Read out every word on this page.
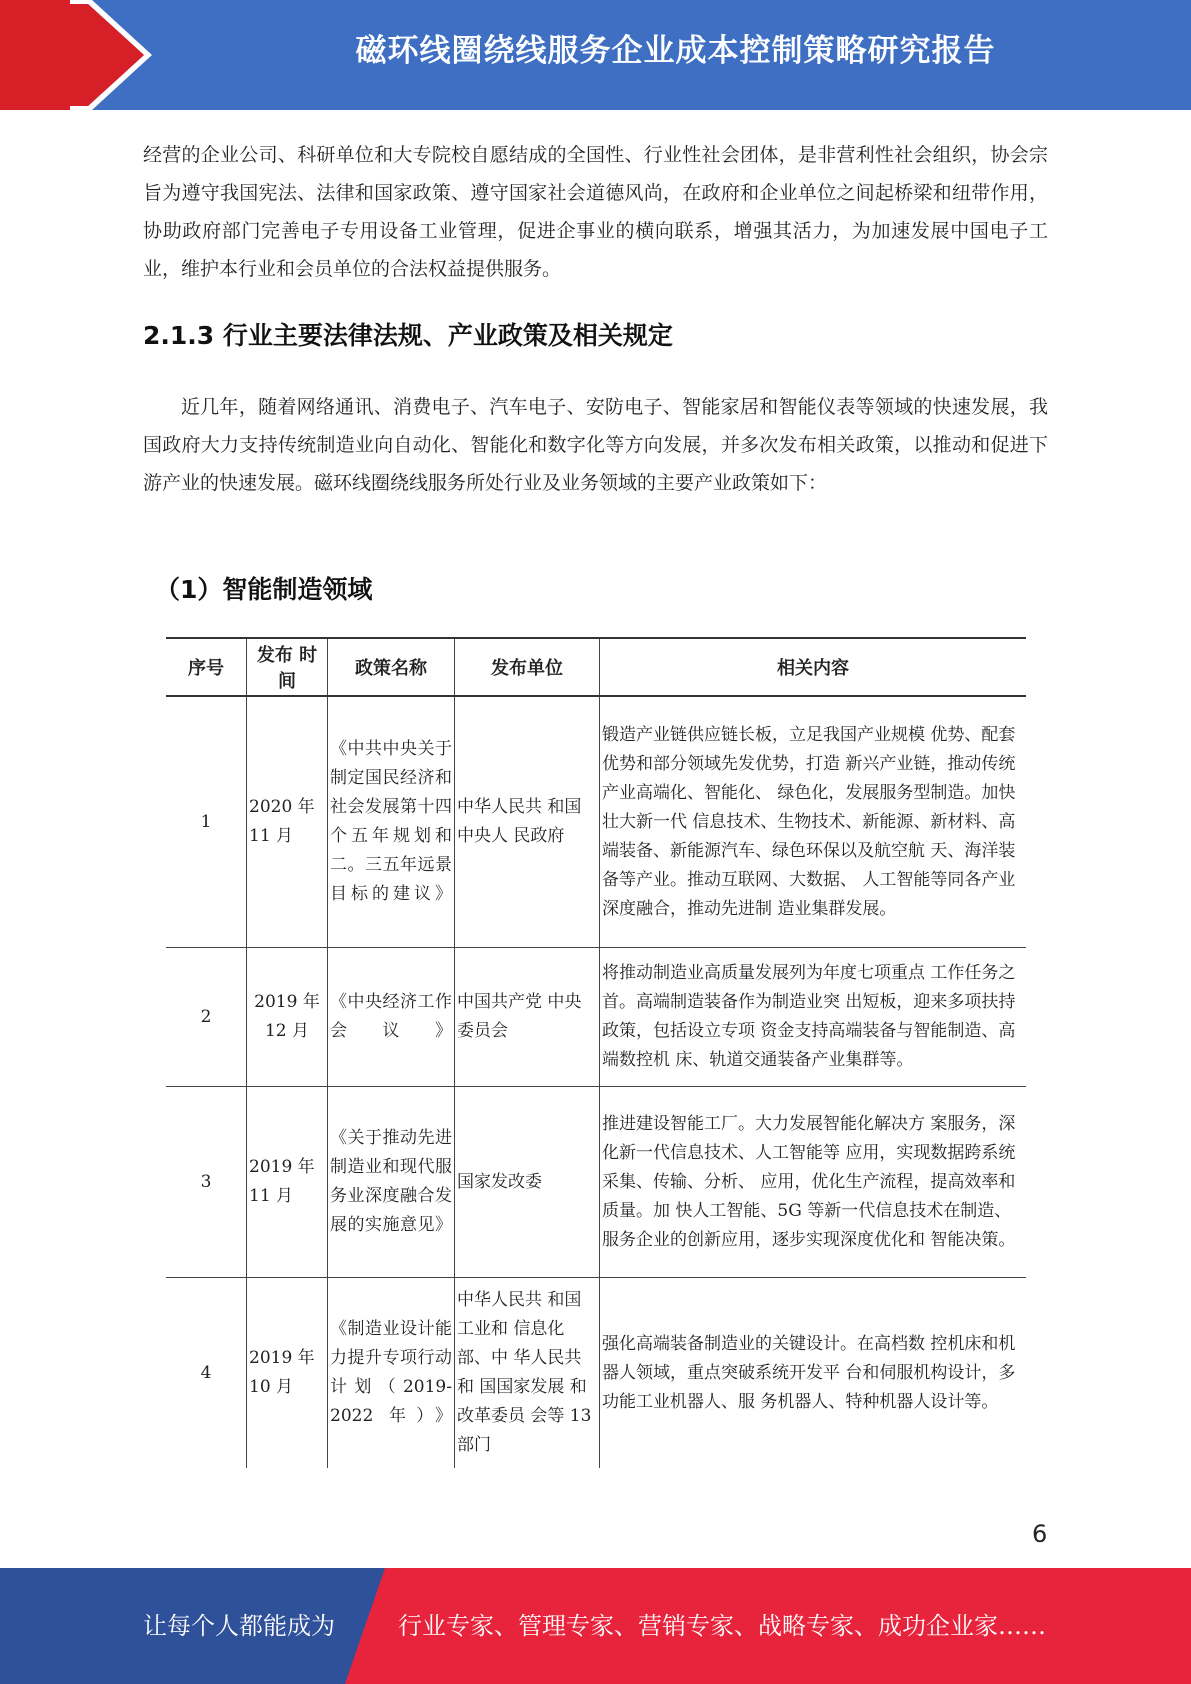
磁环线圈绕线服务企业成本控制策略研究报告
经营的企业公司、科研单位和大专院校自愿结成的全国性、行业性社会团体，是非营利性社会组织，协会宗旨为遵守我国宪法、法律和国家政策、遵守国家社会道德风尚，在政府和企业单位之间起桥梁和纽带作用，协助政府部门完善电子专用设备工业管理，促进企事业的横向联系，增强其活力，为加速发展中国电子工业，维护本行业和会员单位的合法权益提供服务。
2.1.3 行业主要法律法规、产业政策及相关规定
近几年，随着网络通讯、消费电子、汽车电子、安防电子、智能家居和智能仪表等领域的快速发展，我国政府大力支持传统制造业向自动化、智能化和数字化等方向发展，并多次发布相关政策，以推动和促进下游产业的快速发展。磁环线圈绕线服务所处行业及业务领域的主要产业政策如下：
（1）智能制造领域
序号	发布 时间	政策名称	发布单位	相关内容
1	2020 年 11 月	《中共中央关于制定国民经济和社会发展第十四个五年规划和二。三五年远景目标的建议》	中华人民共 和国中央人 民政府	锻造产业链供应链长板，立足我国产业规模 优势、配套优势和部分领域先发优势，打造 新兴产业链，推动传统产业高端化、智能化、 绿色化，发展服务型制造。加快壮大新一代 信息技术、生物技术、新能源、新材料、高 端装备、新能源汽车、绿色环保以及航空航 天、海洋装备等产业。推动互联网、大数据、 人工智能等同各产业深度融合，推动先进制 造业集群发展。
2	2019 年 12 月	《中央经济工作会议》	中国共产党 中央委员会	将推动制造业高质量发展列为年度七项重点 工作任务之首。高端制造装备作为制造业突 出短板，迎来多项扶持政策，包括设立专项 资金支持高端装备与智能制造、高端数控机 床、轨道交通装备产业集群等。
3	2019 年 11 月	《关于推动先进制造业和现代服务业深度融合发展的实施意见》	国家发改委	推进建设智能工厂。大力发展智能化解决方 案服务，深化新一代信息技术、人工智能等 应用，实现数据跨系统采集、传输、分析、 应用，优化生产流程，提高效率和质量。加 快人工智能、5G 等新一代信息技术在制造、 服务企业的创新应用，逐步实现深度优化和 智能决策。
4	2019 年 10 月	《制造业设计能力提升专项行动计划（2019-2022 年）》	中华人民共 和国工业和 信息化部、中 华人民共和 国国家发展 和改革委员 会等 13 部门	强化高端装备制造业的关键设计。在高档数 控机床和机器人领域，重点突破系统开发平 台和伺服机构设计，多功能工业机器人、服 务机器人、特种机器人设计等。
6
让每个人都能成为	行业专家、管理专家、营销专家、战略专家、成功企业家……
